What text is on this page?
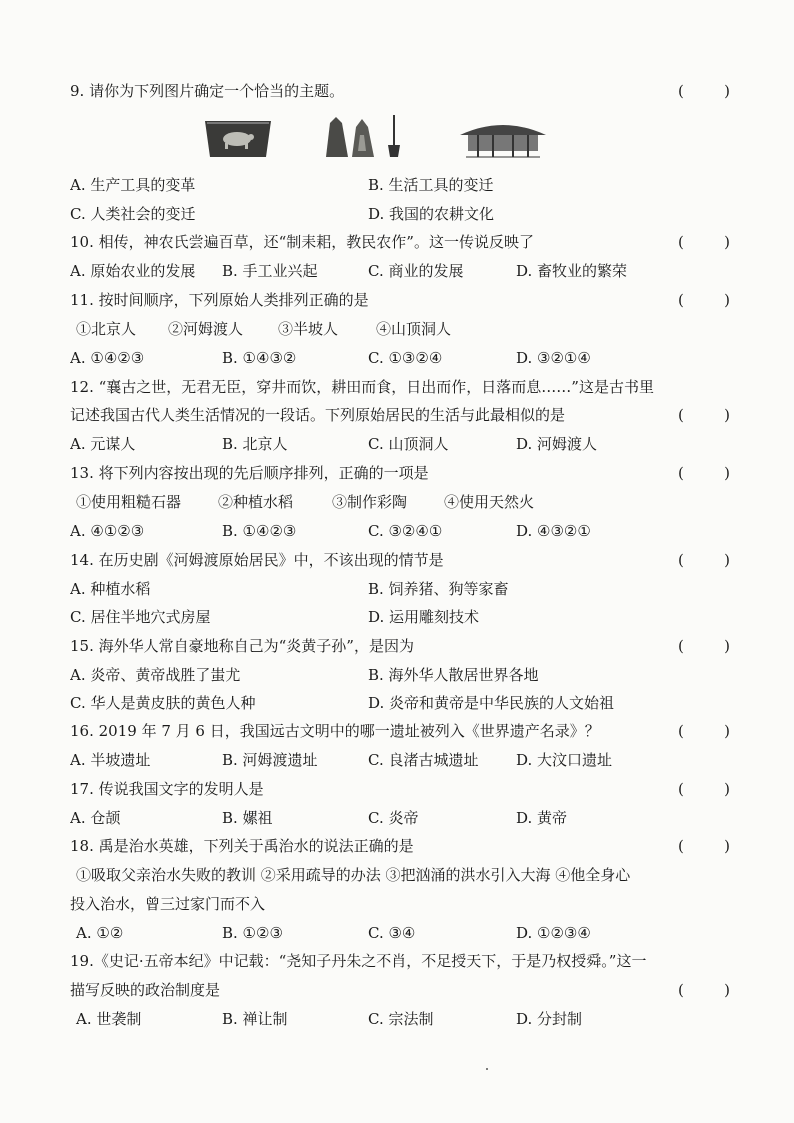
9. 请你为下列图片确定一个恰当的主题。	(	)
A. 生产工具的变革	B. 生活工具的变迁
C. 人类社会的变迁	D. 我国的农耕文化
10. 相传，神农氏尝遍百草，还“制耒耜，教民农作”。这一传说反映了	(	)
A. 原始农业的发展 B. 手工业兴起	C. 商业的发展	D. 畜牧业的繁荣
11. 按时间顺序，下列原始人类排列正确的是	(	)
①北京人 ②河姆渡人 ③半坡人	④山顶洞人
A. ①④②③	B. ①④③②	C. ①③②④	D. ③②①④
12. “襄古之世，无君无臣，穿井而饮，耕田而食，日出而作，日落而息……”这是古书里
记述我国古代人类生活情况的一段话。下列原始居民的生活与此最相似的是	(	)
A. 元谋人	B. 北京人	C. 山顶洞人	D. 河姆渡人
13. 将下列内容按出现的先后顺序排列，正确的一项是	(	)
①使用粗糙石器 ②种植水稻	③制作彩陶 ④使用天然火
A. ④①②③	B. ①④②③	C. ③②④①	D. ④③②①
14. 在历史剧《河姆渡原始居民》中，不该出现的情节是	(	)
A. 种植水稻	B. 饲养猪、狗等家畜
C. 居住半地穴式房屋	D. 运用雕刻技术
15. 海外华人常自豪地称自己为“炎黄子孙”，是因为	(	)
A. 炎帝、黄帝战胜了蚩尤	B. 海外华人散居世界各地
C. 华人是黄皮肤的黄色人种	D. 炎帝和黄帝是中华民族的人文始祖
16. 2019 年 7 月 6 日，我国远古文明中的哪一遗址被列入《世界遗产名录》？	(	)
A. 半坡遗址	B. 河姆渡遗址	C. 良渚古城遗址	D. 大汶口遗址
17. 传说我国文字的发明人是	(	)
A. 仓颉	B. 嫘祖	C. 炎帝	D. 黄帝
18. 禹是治水英雄，下列关于禹治水的说法正确的是	(	)
①吸取父亲治水失败的教训 ②采用疏导的办法 ③把汹涌的洪水引入大海 ④他全身心
投入治水，曾三过家门而不入
A. ①②	B. ①②③	C. ③④	D. ①②③④
19.《史记·五帝本纪》中记载：“尧知子丹朱之不肖，不足授天下，于是乃权授舜。”这一
描写反映的政治制度是	(	)
A. 世袭制	B. 禅让制	C. 宗法制	D. 分封制
